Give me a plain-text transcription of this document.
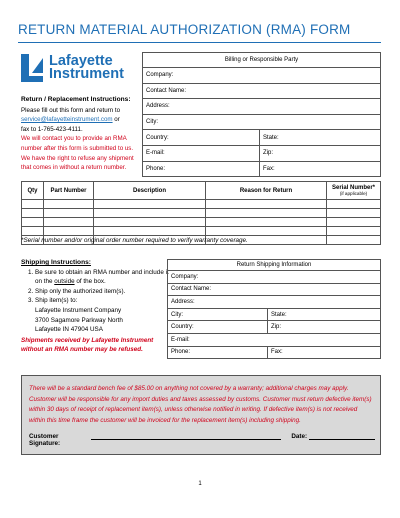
RETURN MATERIAL AUTHORIZATION (RMA) FORM
Lafayette
Instrument
Return / Replacement Instructions:
Please fill out this form and return to
service@lafayetteinstrument.com or
fax to 1-765-423-4111.
We will contact you to provide an RMA number after this form is submitted to us. We have the right to refuse any shipment that comes in without a return number.
Billing or Responsible Party	
Company:	
Contact Name:	
Address:	
City:	
Country:	State:
E-mail:	Zip:
Phone:	Fax:
Qty	Part Number	Description	Reason for Return	Serial Number*
(if applicable)

*Serial number and/or original order number required to verify warranty coverage.
Shipping Instructions:
1. Be sure to obtain an RMA number and include it on the outside of the box.
2. Ship only the authorized item(s).
3. Ship item(s) to:
Lafayette Instrument Company
3700 Sagamore Parkway North
Lafayette IN 47904 USA
Shipments received by Lafayette Instrument without an RMA number may be refused.
Return Shipping Information	
Company:	
Contact Name:	
Address:	
City:	State:
Country:	Zip:
E-mail:	
Phone:	Fax:

There will be a standard bench fee of $85.00 on anything not covered by a warranty; additional charges may apply. Customer will be responsible for any import duties and taxes assessed by customs. Customer must return defective item(s) within 30 days of receipt of replacement item(s), unless otherwise notified in writing. If defective item(s) is not received within this time frame the customer will be invoiced for the replacement item(s) including shipping.

Customer Signature:
Date:
1
